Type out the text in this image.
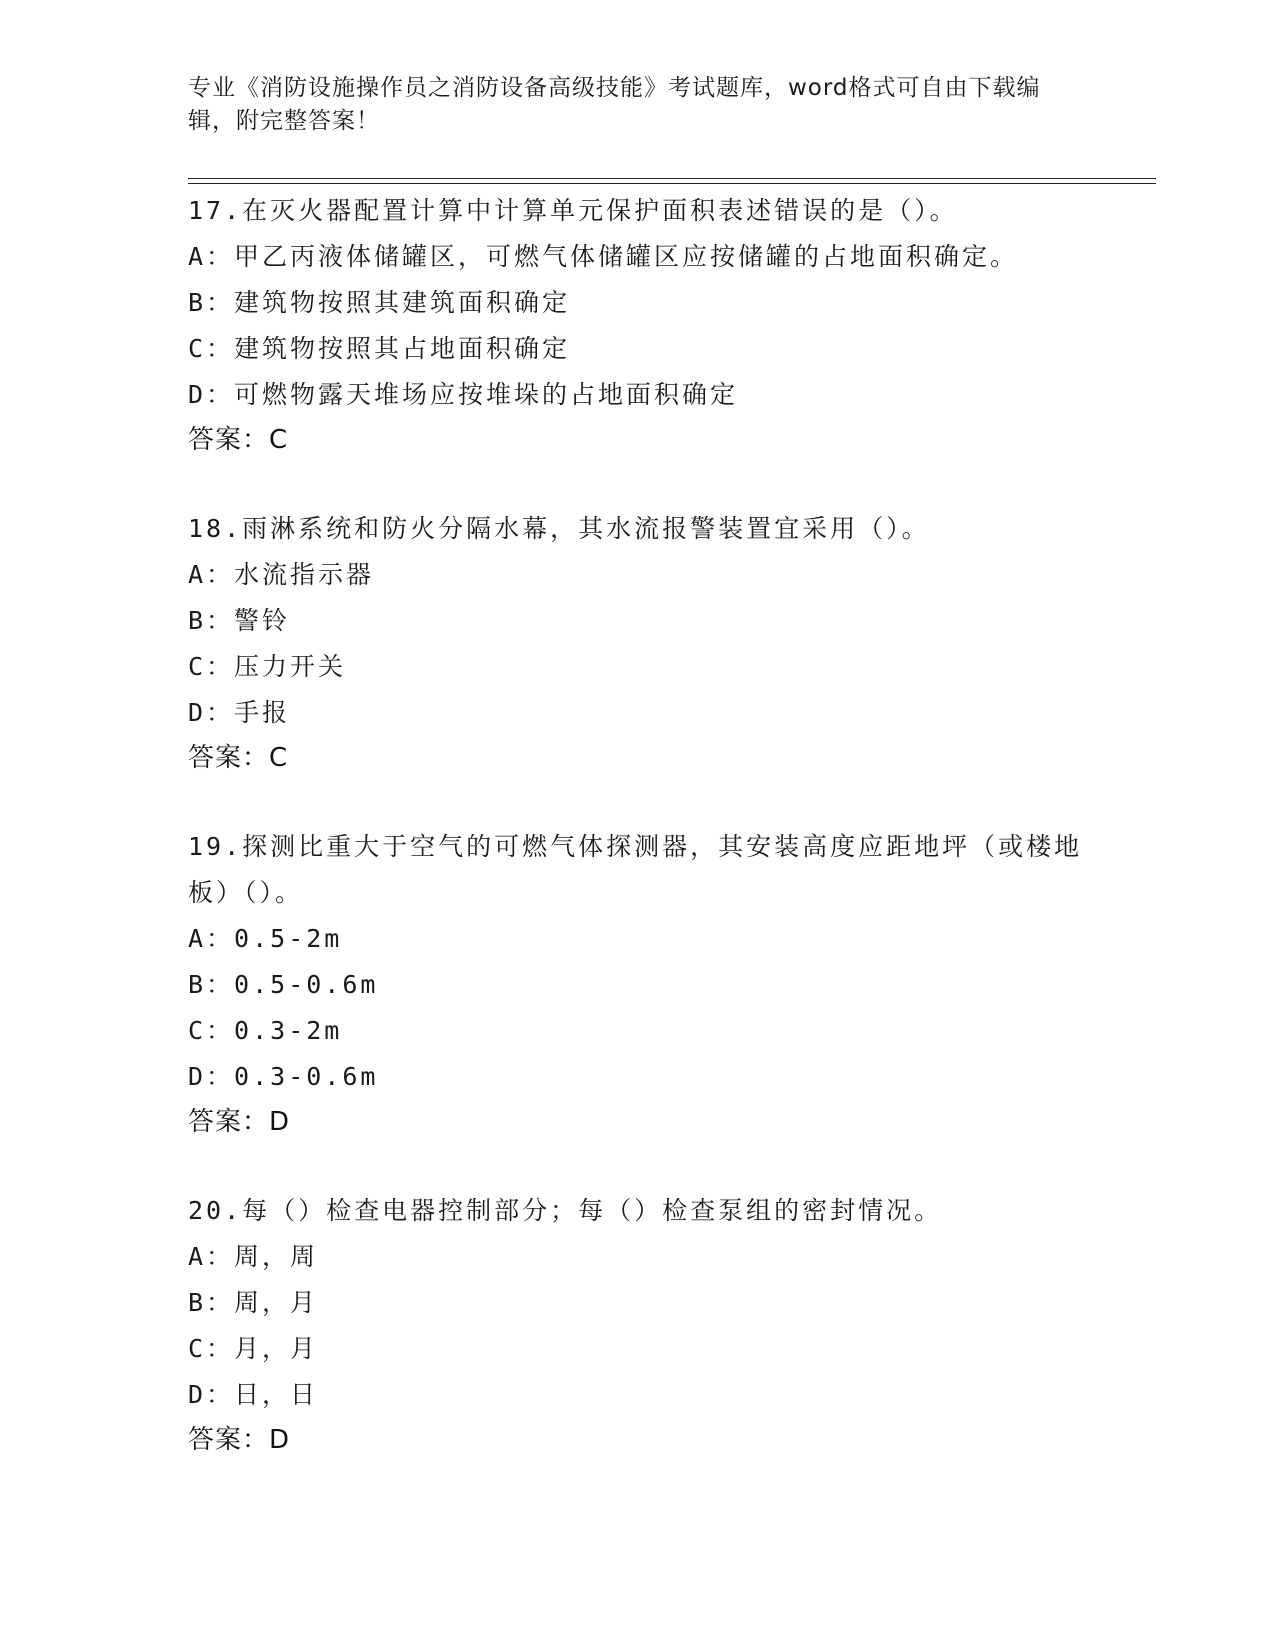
专业《消防设施操作员之消防设备高级技能》考试题库，word格式可自由下载编
辑，附完整答案！
17.在灭火器配置计算中计算单元保护面积表述错误的是（）。
A：甲乙丙液体储罐区，可燃气体储罐区应按储罐的占地面积确定。
B：建筑物按照其建筑面积确定
C：建筑物按照其占地面积确定
D：可燃物露天堆场应按堆垛的占地面积确定
答案：C
18.雨淋系统和防火分隔水幕，其水流报警装置宜采用（）。
A：水流指示器
B：警铃
C：压力开关
D：手报
答案：C
19.探测比重大于空气的可燃气体探测器，其安装高度应距地坪（或楼地板）（）。
A：0.5-2m
B：0.5-0.6m
C：0.3-2m
D：0.3-0.6m
答案：D
20.每（）检查电器控制部分；每（）检查泵组的密封情况。
A：周，周
B：周，月
C：月，月
D：日，日
答案：D
